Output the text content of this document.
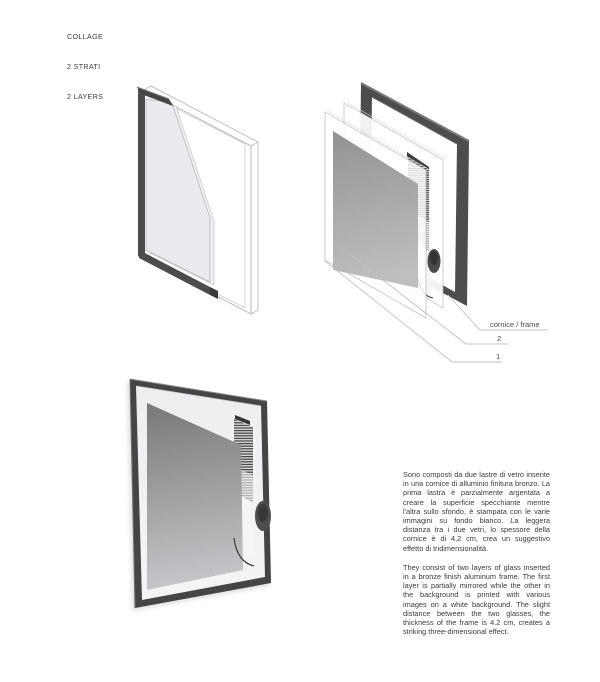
COLLAGE

2 STRATI

2 LAYERS

cornice / frame
2
1

Sono composti da due lastre di vetro inserite in una cornice di alluminio finitura bronzo. La prima lastra è parzialmente argentata a creare la superficie specchiante mentre l'altra sullo sfondo, è stampata con le varie immagini su fondo bianco. La leggera distanza tra i due vetri, lo spessore della cornice è di 4,2 cm, crea un suggestivo effetto di tridimensionalità.

They consist of two layers of glass inserted in a bronze finish aluminum frame. The first layer is partially mirrored while the other in the background is printed with various images on a white background. The slight distance between the two glasses, the thickness of the frame is 4.2 cm, creates a striking three-dimensional effect.
